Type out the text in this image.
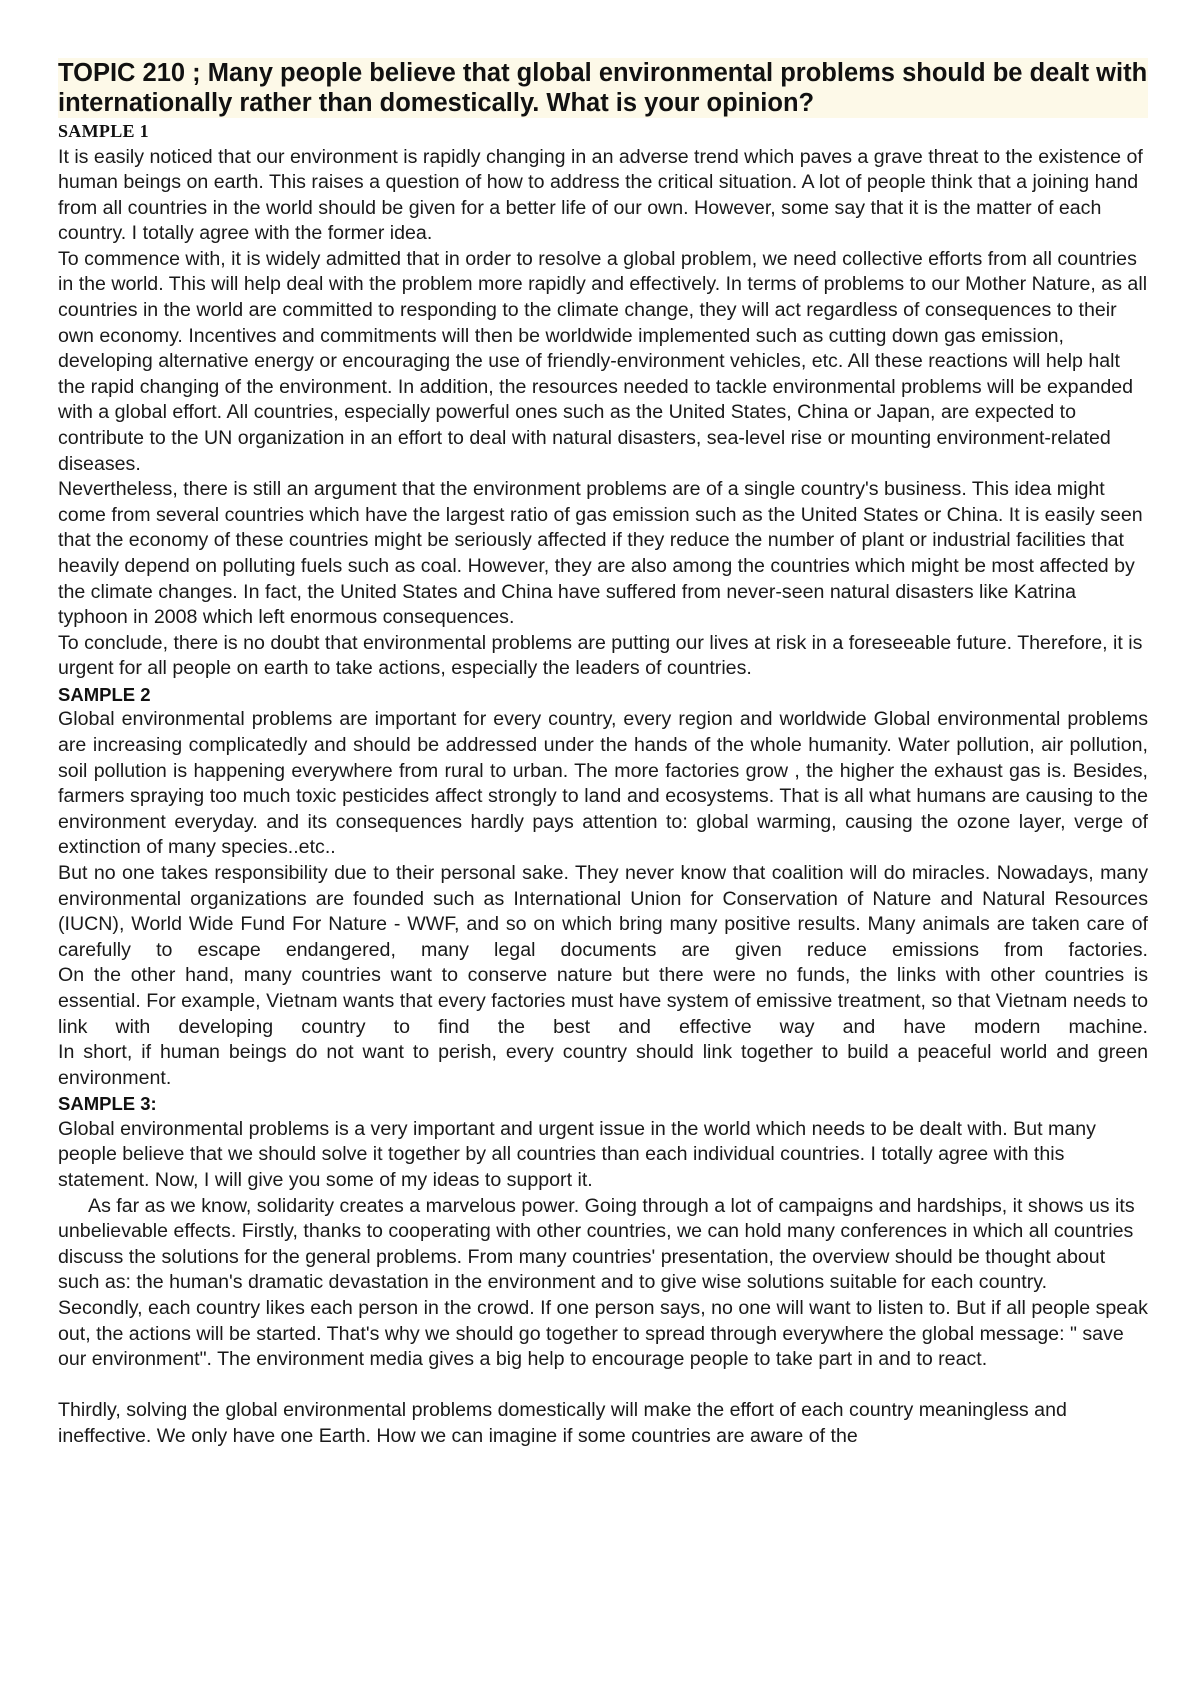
TOPIC 210 ; Many people believe that global environmental problems should be dealt with internationally rather than domestically. What is your opinion?
SAMPLE 1

It is easily noticed that our environment is rapidly changing in an adverse trend which paves a grave threat to the existence of human beings on earth. This raises a question of how to address the critical situation. A lot of people think that a joining hand from all countries in the world should be given for a better life of our own. However, some say that it is the matter of each country. I totally agree with the former idea.

To commence with, it is widely admitted that in order to resolve a global problem, we need collective efforts from all countries in the world. This will help deal with the problem more rapidly and effectively. In terms of problems to our Mother Nature, as all countries in the world are committed to responding to the climate change, they will act regardless of consequences to their own economy. Incentives and commitments will then be worldwide implemented such as cutting down gas emission, developing alternative energy or encouraging the use of friendly-environment vehicles, etc. All these reactions will help halt the rapid changing of the environment. In addition, the resources needed to tackle environmental problems will be expanded with a global effort. All countries, especially powerful ones such as the United States, China or Japan, are expected to contribute to the UN organization in an effort to deal with natural disasters, sea-level rise or mounting environment-related diseases.

Nevertheless, there is still an argument that the environment problems are of a single country's business. This idea might come from several countries which have the largest ratio of gas emission such as the United States or China. It is easily seen that the economy of these countries might be seriously affected if they reduce the number of plant or industrial facilities that heavily depend on polluting fuels such as coal. However, they are also among the countries which might be most affected by the climate changes. In fact, the United States and China have suffered from never-seen natural disasters like Katrina typhoon in 2008 which left enormous consequences.

To conclude, there is no doubt that environmental problems are putting our lives at risk in a foreseeable future. Therefore, it is urgent for all people on earth to take actions, especially the leaders of countries.

SAMPLE 2

Global environmental problems are important for every country, every region and worldwide Global environmental problems are increasing complicatedly and should be addressed under the hands of the whole humanity. Water pollution, air pollution, soil pollution is happening everywhere from rural to urban. The more factories grow , the higher the exhaust gas is. Besides, farmers spraying too much toxic pesticides affect strongly to land and ecosystems. That is all what humans are causing to the environment everyday. and its consequences hardly pays attention to: global warming, causing the ozone layer, verge of extinction of many species..etc..

But no one takes responsibility due to their personal sake. They never know that coalition will do miracles. Nowadays, many environmental organizations are founded such as International Union for Conservation of Nature and Natural Resources (IUCN), World Wide Fund For Nature - WWF, and so on which bring many positive results. Many animals are taken care of carefully to escape endangered, many legal documents are given reduce emissions from factories.

On the other hand, many countries want to conserve nature but there were no funds, the links with other countries is essential. For example, Vietnam wants that every factories must have system of emissive treatment, so that Vietnam needs to link with developing country to find the best and effective way and have modern machine.

In short, if human beings do not want to perish, every country should link together to build a peaceful world and green environment.

SAMPLE 3:

Global environmental problems is a very important and urgent issue in the world which needs to be dealt with. But many people believe that we should solve it together by all countries than each individual countries. I totally agree with this statement. Now, I will give you some of my ideas to support it.

As far as we know, solidarity creates a marvelous power. Going through a lot of campaigns and hardships, it shows us its unbelievable effects. Firstly, thanks to cooperating with other countries, we can hold many conferences in which all countries discuss the solutions for the general problems. From many countries' presentation, the overview should be thought about such as: the human's dramatic devastation in the environment and to give wise solutions suitable for each country.

Secondly, each country likes each person in the crowd. If one person says, no one will want to listen to. But if all people speak out, the actions will be started. That's why we should go together to spread through everywhere the global message: " save our environment". The environment media gives a big help to encourage people to take part in and to react.

Thirdly, solving the global environmental problems domestically will make the effort of each country meaningless and ineffective. We only have one Earth. How we can imagine if some countries are aware of the
